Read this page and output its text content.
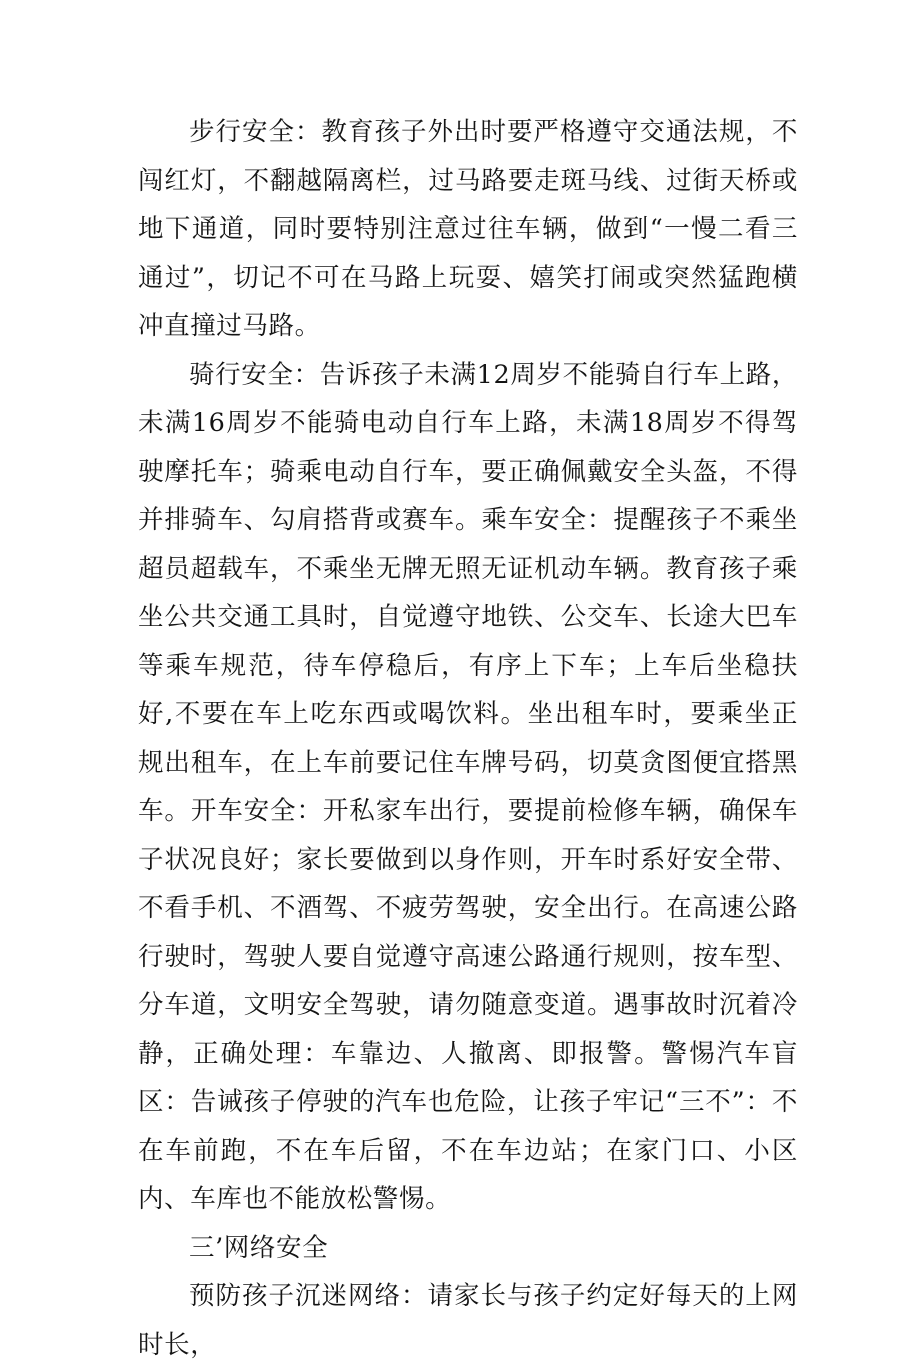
步行安全：教育孩子外出时要严格遵守交通法规，不闯红灯，不翻越隔离栏，过马路要走斑马线、过街天桥或地下通道，同时要特别注意过往车辆，做到“一慢二看三通过”，切记不可在马路上玩耍、嬉笑打闹或突然猛跑横冲直撞过马路。

骑行安全：告诉孩子未满12周岁不能骑自行车上路，未满16周岁不能骑电动自行车上路，未满18周岁不得驾驶摩托车；骑乘电动自行车，要正确佩戴安全头盔，不得并排骑车、勾肩搭背或赛车。乘车安全：提醒孩子不乘坐超员超载车，不乘坐无牌无照无证机动车辆。教育孩子乘坐公共交通工具时，自觉遵守地铁、公交车、长途大巴车等乘车规范，待车停稳后，有序上下车；上车后坐稳扶好,不要在车上吃东西或喝饮料。坐出租车时，要乘坐正规出租车，在上车前要记住车牌号码，切莫贪图便宜搭黑车。开车安全：开私家车出行，要提前检修车辆，确保车子状况良好；家长要做到以身作则，开车时系好安全带、不看手机、不酒驾、不疲劳驾驶，安全出行。在高速公路行驶时，驾驶人要自觉遵守高速公路通行规则，按车型、分车道，文明安全驾驶，请勿随意变道。遇事故时沉着冷静，正确处理：车靠边、人撤离、即报警。警惕汽车盲区：告诫孩子停驶的汽车也危险，让孩子牢记“三不”：不在车前跑，不在车后留，不在车边站；在家门口、小区内、车库也不能放松警惕。

三’网络安全

预防孩子沉迷网络：请家长与孩子约定好每天的上网时长，
